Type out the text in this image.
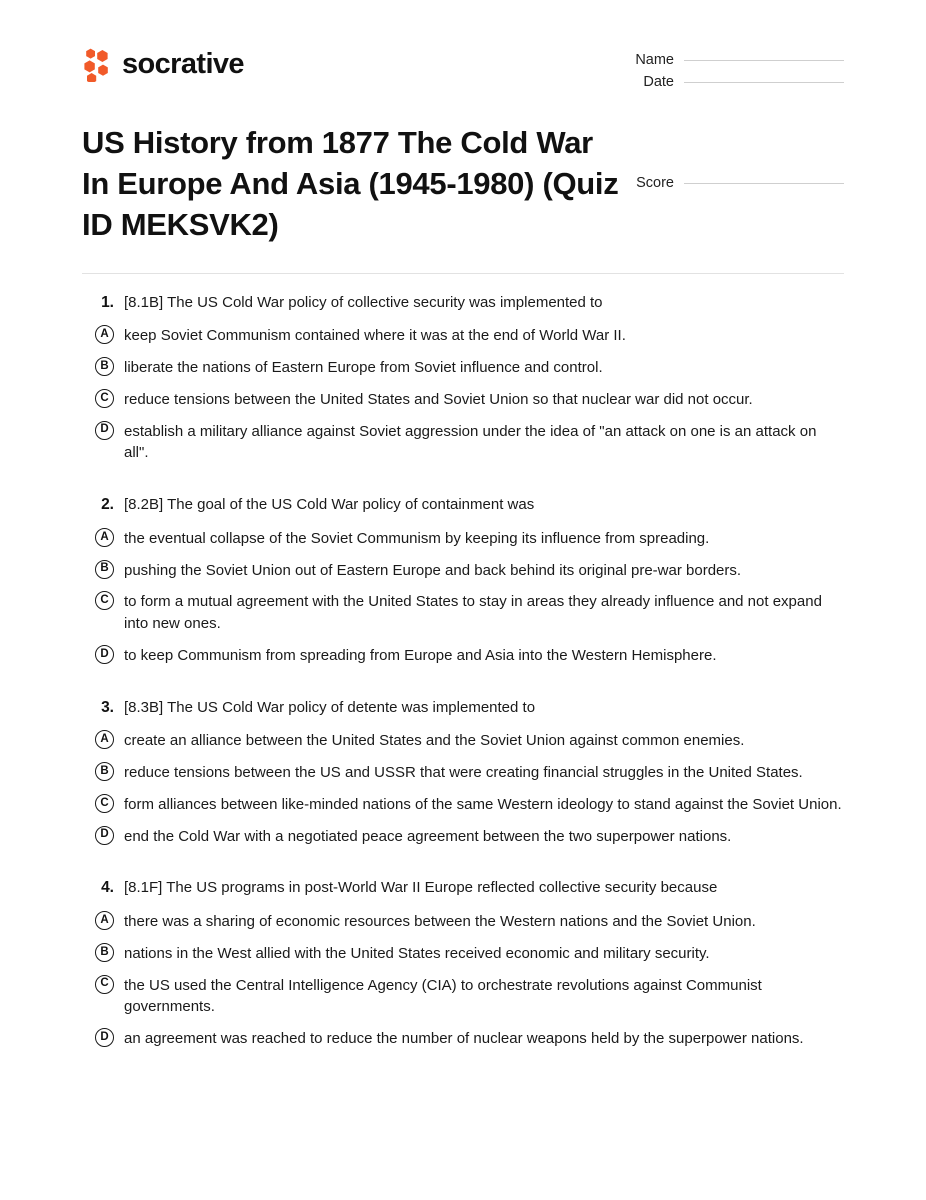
socrative	Name
Date
Score
US History from 1877 The Cold War In Europe And Asia (1945-1980) (Quiz ID MEKSVK2)
1. [8.1B] The US Cold War policy of collective security was implemented to
A	keep Soviet Communism contained where it was at the end of World War II.
B	liberate the nations of Eastern Europe from Soviet influence and control.
C	reduce tensions between the United States and Soviet Union so that nuclear war did not occur.
D	establish a military alliance against Soviet aggression under the idea of "an attack on one is an attack on all".
2. [8.2B] The goal of the US Cold War policy of containment was
A	the eventual collapse of the Soviet Communism by keeping its influence from spreading.
B	pushing the Soviet Union out of Eastern Europe and back behind its original pre-war borders.
C	to form a mutual agreement with the United States to stay in areas they already influence and not expand into new ones.
D	to keep Communism from spreading from Europe and Asia into the Western Hemisphere.
3. [8.3B] The US Cold War policy of detente was implemented to
A	create an alliance between the United States and the Soviet Union against common enemies.
B	reduce tensions between the US and USSR that were creating financial struggles in the United States.
C	form alliances between like-minded nations of the same Western ideology to stand against the Soviet Union.
D	end the Cold War with a negotiated peace agreement between the two superpower nations.
4. [8.1F] The US programs in post-World War II Europe reflected collective security because
A	there was a sharing of economic resources between the Western nations and the Soviet Union.
B	nations in the West allied with the United States received economic and military security.
C	the US used the Central Intelligence Agency (CIA) to orchestrate revolutions against Communist governments.
D	an agreement was reached to reduce the number of nuclear weapons held by the superpower nations.
